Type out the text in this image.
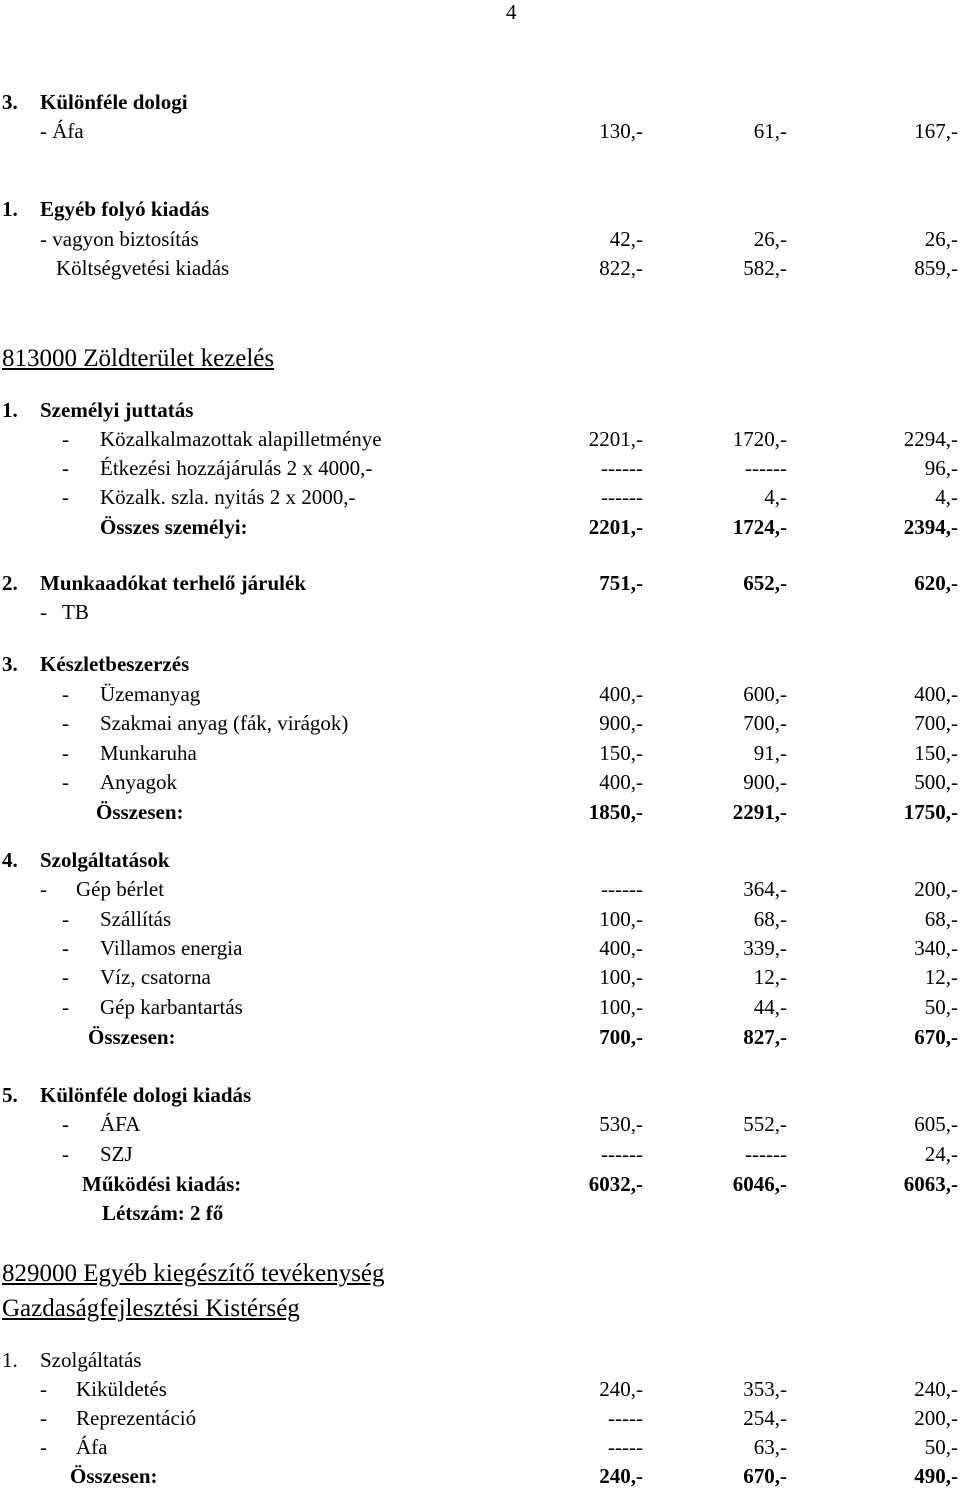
4
3. Különféle dologi
- Áfa	130,-	61,-	167,-
1. Egyéb folyó kiadás
- vagyon biztosítás	42,-	26,-	26,-
Költségvetési kiadás	822,-	582,-	859,-
813000 Zöldterület kezelés
1. Személyi juttatás
- Közalkalmazottak alapilletménye	2201,-	1720,-	2294,-
- Étkezési hozzájárulás 2 x 4000,-	------	------	96,-
- Közalk. szla. nyitás 2 x 2000,-	------	4,-	4,-
Összes személyi:	2201,-	1724,-	2394,-
2. Munkaadókat terhelő járulék	751,-	652,-	620,-
- TB
3. Készletbeszerzés
- Üzemanyag	400,-	600,-	400,-
- Szakmai anyag (fák, virágok)	900,-	700,-	700,-
- Munkaruha	150,-	91,-	150,-
- Anyagok	400,-	900,-	500,-
Összesen:	1850,-	2291,-	1750,-
4. Szolgáltatások
- Gép bérlet	------	364,-	200,-
- Szállítás	100,-	68,-	68,-
- Villamos energia	400,-	339,-	340,-
- Víz, csatorna	100,-	12,-	12,-
- Gép karbantartás	100,-	44,-	50,-
Összesen:	700,-	827,-	670,-
5. Különféle dologi kiadás
- ÁFA	530,-	552,-	605,-
- SZJ	------	------	24,-
Működési kiadás:	6032,-	6046,-	6063,-
Létszám: 2 fő
829000 Egyéb kiegészítő tevékenység
Gazdaságfejlesztési Kistérség
1. Szolgáltatás
- Kiküldetés	240,-	353,-	240,-
- Reprezentáció	-----	254,-	200,-
- Áfa	-----	63,-	50,-
Összesen:	240,-	670,-	490,-
